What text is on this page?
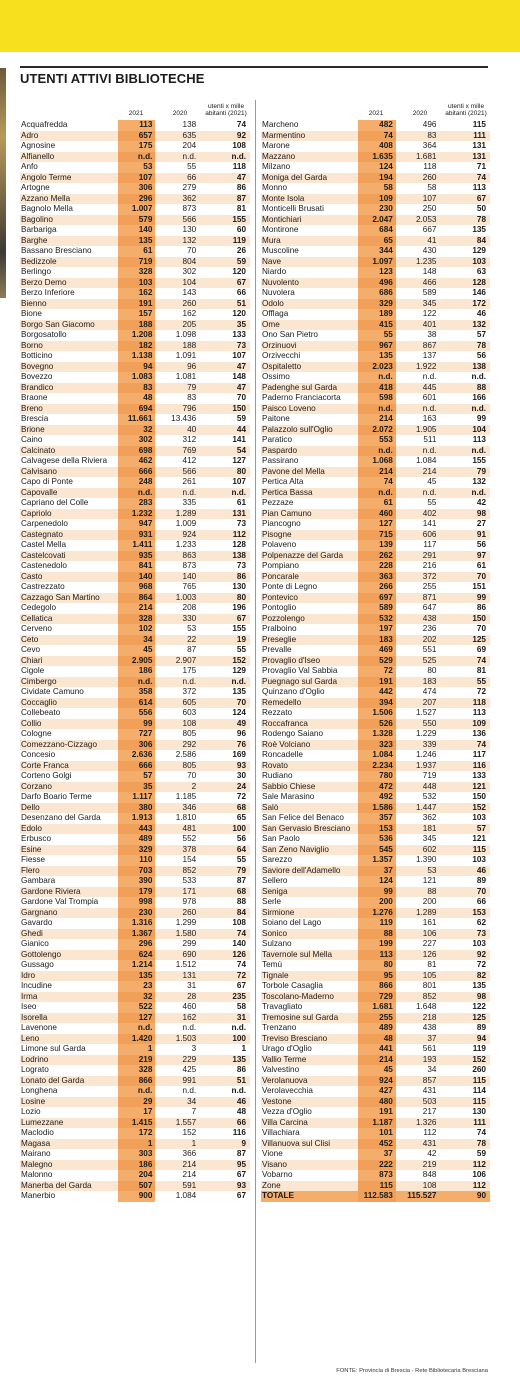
UTENTI ATTIVI BIBLIOTECHE
2021	2020
utenti x mille
abitanti (2021)
Acquafredda	113	138	74
Adro	657	635	92
Agnosine	175	204	108
Alfianello	n.d.	n.d.	n.d.
Anfo	53	55	118
Angolo Terme	107	66	47
Artogne	306	279	86
Azzano Mella	296	362	87
Bagnolo Mella	1.007	873	81
Bagolino	579	566	155
Barbariga	140	130	60
Barghe	135	132	119
Bassano Bresciano	61	70	26
Bedizzole	719	804	59
Berlingo	328	302	120
Berzo Demo	103	104	67
Berzo Inferiore	162	143	66
Bienno	191	260	51
Bione	157	162	120
Borgo San Giacomo	188	205	35
Borgosatollo	1.208	1.098	133
Borno	182	188	73
Botticino	1.138	1.091	107
Bovegno	94	96	47
Bovezzo	1.083	1.081	148
Brandico	83	79	47
Braone	48	83	70
Breno	694	796	150
Brescia	11.661	13.436	59
Brione	32	40	44
Caino	302	312	141
Calcinato	698	769	54
Calvagese della Riviera	462	412	127
Calvisano	666	566	80
Capo di Ponte	248	261	107
Capovalle	n.d.	n.d.	n.d.
Capriano del Colle	283	335	61
Capriolo	1.232	1.289	131
Carpenedolo	947	1.009	73
Castegnato	931	924	112
Castel Mella	1.411	1.233	128
Castelcovati	935	863	138
Castenedolo	841	873	73
Casto	140	140	86
Castrezzato	968	765	130
Cazzago San Martino	864	1.003	80
Cedegolo	214	208	196
Cellatica	328	330	67
Cerveno	102	53	155
Ceto	34	22	19
Cevo	45	87	55
Chiari	2.905	2.907	152
Cigole	186	175	129
Cimbergo	n.d.	n.d.	n.d.
Cividate Camuno	358	372	135
Coccaglio	614	605	70
Collebeato	556	603	124
Collio	99	108	49
Cologne	727	805	96
Comezzano-Cizzago	306	292	76
Concesio	2.636	2.586	169
Corte Franca	666	805	93
Corteno Golgi	57	70	30
Corzano	35	2	24
Darfo Boario Terme	1.117	1.185	72
Dello	380	346	68
Desenzano del Garda	1.913	1.810	65
Edolo	443	481	100
Erbusco	489	552	56
Esine	329	378	64
Fiesse	110	154	55
Flero	703	852	79
Gambara	390	533	87
Gardone Riviera	179	171	68
Gardone Val Trompia	998	978	88
Gargnano	230	260	84
Gavardo	1.316	1.299	108
Ghedi	1.367	1.580	74
Gianico	296	299	140
Gottolengo	624	690	126
Gussago	1.214	1.512	74
Idro	135	131	72
Incudine	23	31	67
Irma	32	28	235
Iseo	522	460	58
Isorella	127	162	31
Lavenone	n.d.	n.d.	n.d.
Leno	1.420	1.503	100
Limone sul Garda	1	3	1
Lodrino	219	229	135
Lograto	328	425	86
Lonato del Garda	866	991	51
Longhena	n.d.	n.d.	n.d.
Losine	29	34	46
Lozio	17	7	48
Lumezzane	1.415	1.557	66
Maclodio	172	152	116
Magasa	1	1	9
Mairano	303	366	87
Malegno	186	214	95
Malonno	204	214	67
Manerba del Garda	507	591	93
Manerbio	900	1.084	67
2021	2020
utenti x mille
abitanti (2021)
Marcheno	482	496	115
Marmentino	74	83	111
Marone	408	364	131
Mazzano	1.635	1.681	131
Milzano	124	118	71
Moniga del Garda	194	260	74
Monno	58	58	113
Monte Isola	109	107	67
Monticelli Brusati	230	250	50
Montichiari	2.047	2.053	78
Montirone	684	667	135
Mura	65	41	84
Muscoline	344	430	129
Nave	1.097	1.235	103
Niardo	123	148	63
Nuvolento	496	466	128
Nuvolera	686	589	146
Odolo	329	345	172
Offlaga	189	122	46
Ome	415	401	132
Ono San Pietro	55	38	57
Orzinuovi	967	867	78
Orzivecchi	135	137	56
Ospitaletto	2.023	1.922	138
Ossimo	n.d.	n.d.	n.d.
Padenghe sul Garda	418	445	88
Paderno Franciacorta	598	601	166
Paisco Loveno	n.d.	n.d.	n.d.
Paitone	214	163	99
Palazzolo sull'Oglio	2.072	1.905	104
Paratico	553	511	113
Paspardo	n.d.	n.d.	n.d.
Passirano	1.068	1.084	155
Pavone del Mella	214	214	79
Pertica Alta	74	45	132
Pertica Bassa	n.d.	n.d.	n.d.
Pezzaze	61	55	42
Pian Camuno	460	402	98
Piancogno	127	141	27
Pisogne	715	606	91
Polaveno	139	117	56
Polpenazze del Garda	262	291	97
Pompiano	228	216	61
Poncarale	363	372	70
Ponte di Legno	266	255	151
Pontevico	697	871	99
Pontoglio	589	647	86
Pozzolengo	532	438	150
Pralboino	197	236	70
Preseglie	183	202	125
Prevalle	469	551	69
Provaglio d'Iseo	529	525	74
Provaglio Val Sabbia	72	80	81
Puegnago sul Garda	191	183	55
Quinzano d'Oglio	442	474	72
Remedello	394	207	118
Rezzato	1.506	1.527	113
Roccafranca	526	550	109
Rodengo Saiano	1.328	1.229	136
Roè Volciano	323	339	74
Roncadelle	1.084	1.246	117
Rovato	2.234	1.937	116
Rudiano	780	719	133
Sabbio Chiese	472	448	121
Sale Marasino	492	532	150
Salò	1.586	1.447	152
San Felice del Benaco	357	362	103
San Gervasio Bresciano	153	181	57
San Paolo	536	345	121
San Zeno Naviglio	545	602	115
Sarezzo	1.357	1.390	103
Saviore dell'Adamello	37	53	46
Sellero	124	121	89
Seniga	99	88	70
Serle	200	200	66
Sirmione	1.276	1.289	153
Soiano del Lago	119	161	62
Sonico	88	106	73
Sulzano	199	227	103
Tavernole sul Mella	113	126	92
Temù	80	81	72
Tignale	95	105	82
Torbole Casaglia	866	801	135
Toscolano-Maderno	729	852	98
Travagliato	1.681	1.648	122
Tremosine sul Garda	255	218	125
Trenzano	489	438	89
Treviso Bresciano	48	37	94
Urago d'Oglio	441	561	119
Vallio Terme	214	193	152
Valvestino	45	34	260
Verolanuova	924	857	115
Verolavecchia	427	431	114
Vestone	480	503	115
Vezza d'Oglio	191	217	130
Villa Carcina	1.187	1.326	111
Villachiara	101	112	74
Villanuova sul Clisi	452	431	78
Vione	37	42	59
Visano	222	219	112
Vobarno	873	848	106
Zone	115	108	112
TOTALE	112.583	115.527	90
FONTE: Provincia di Brescia - Rete Bibliotecaria Bresciana
